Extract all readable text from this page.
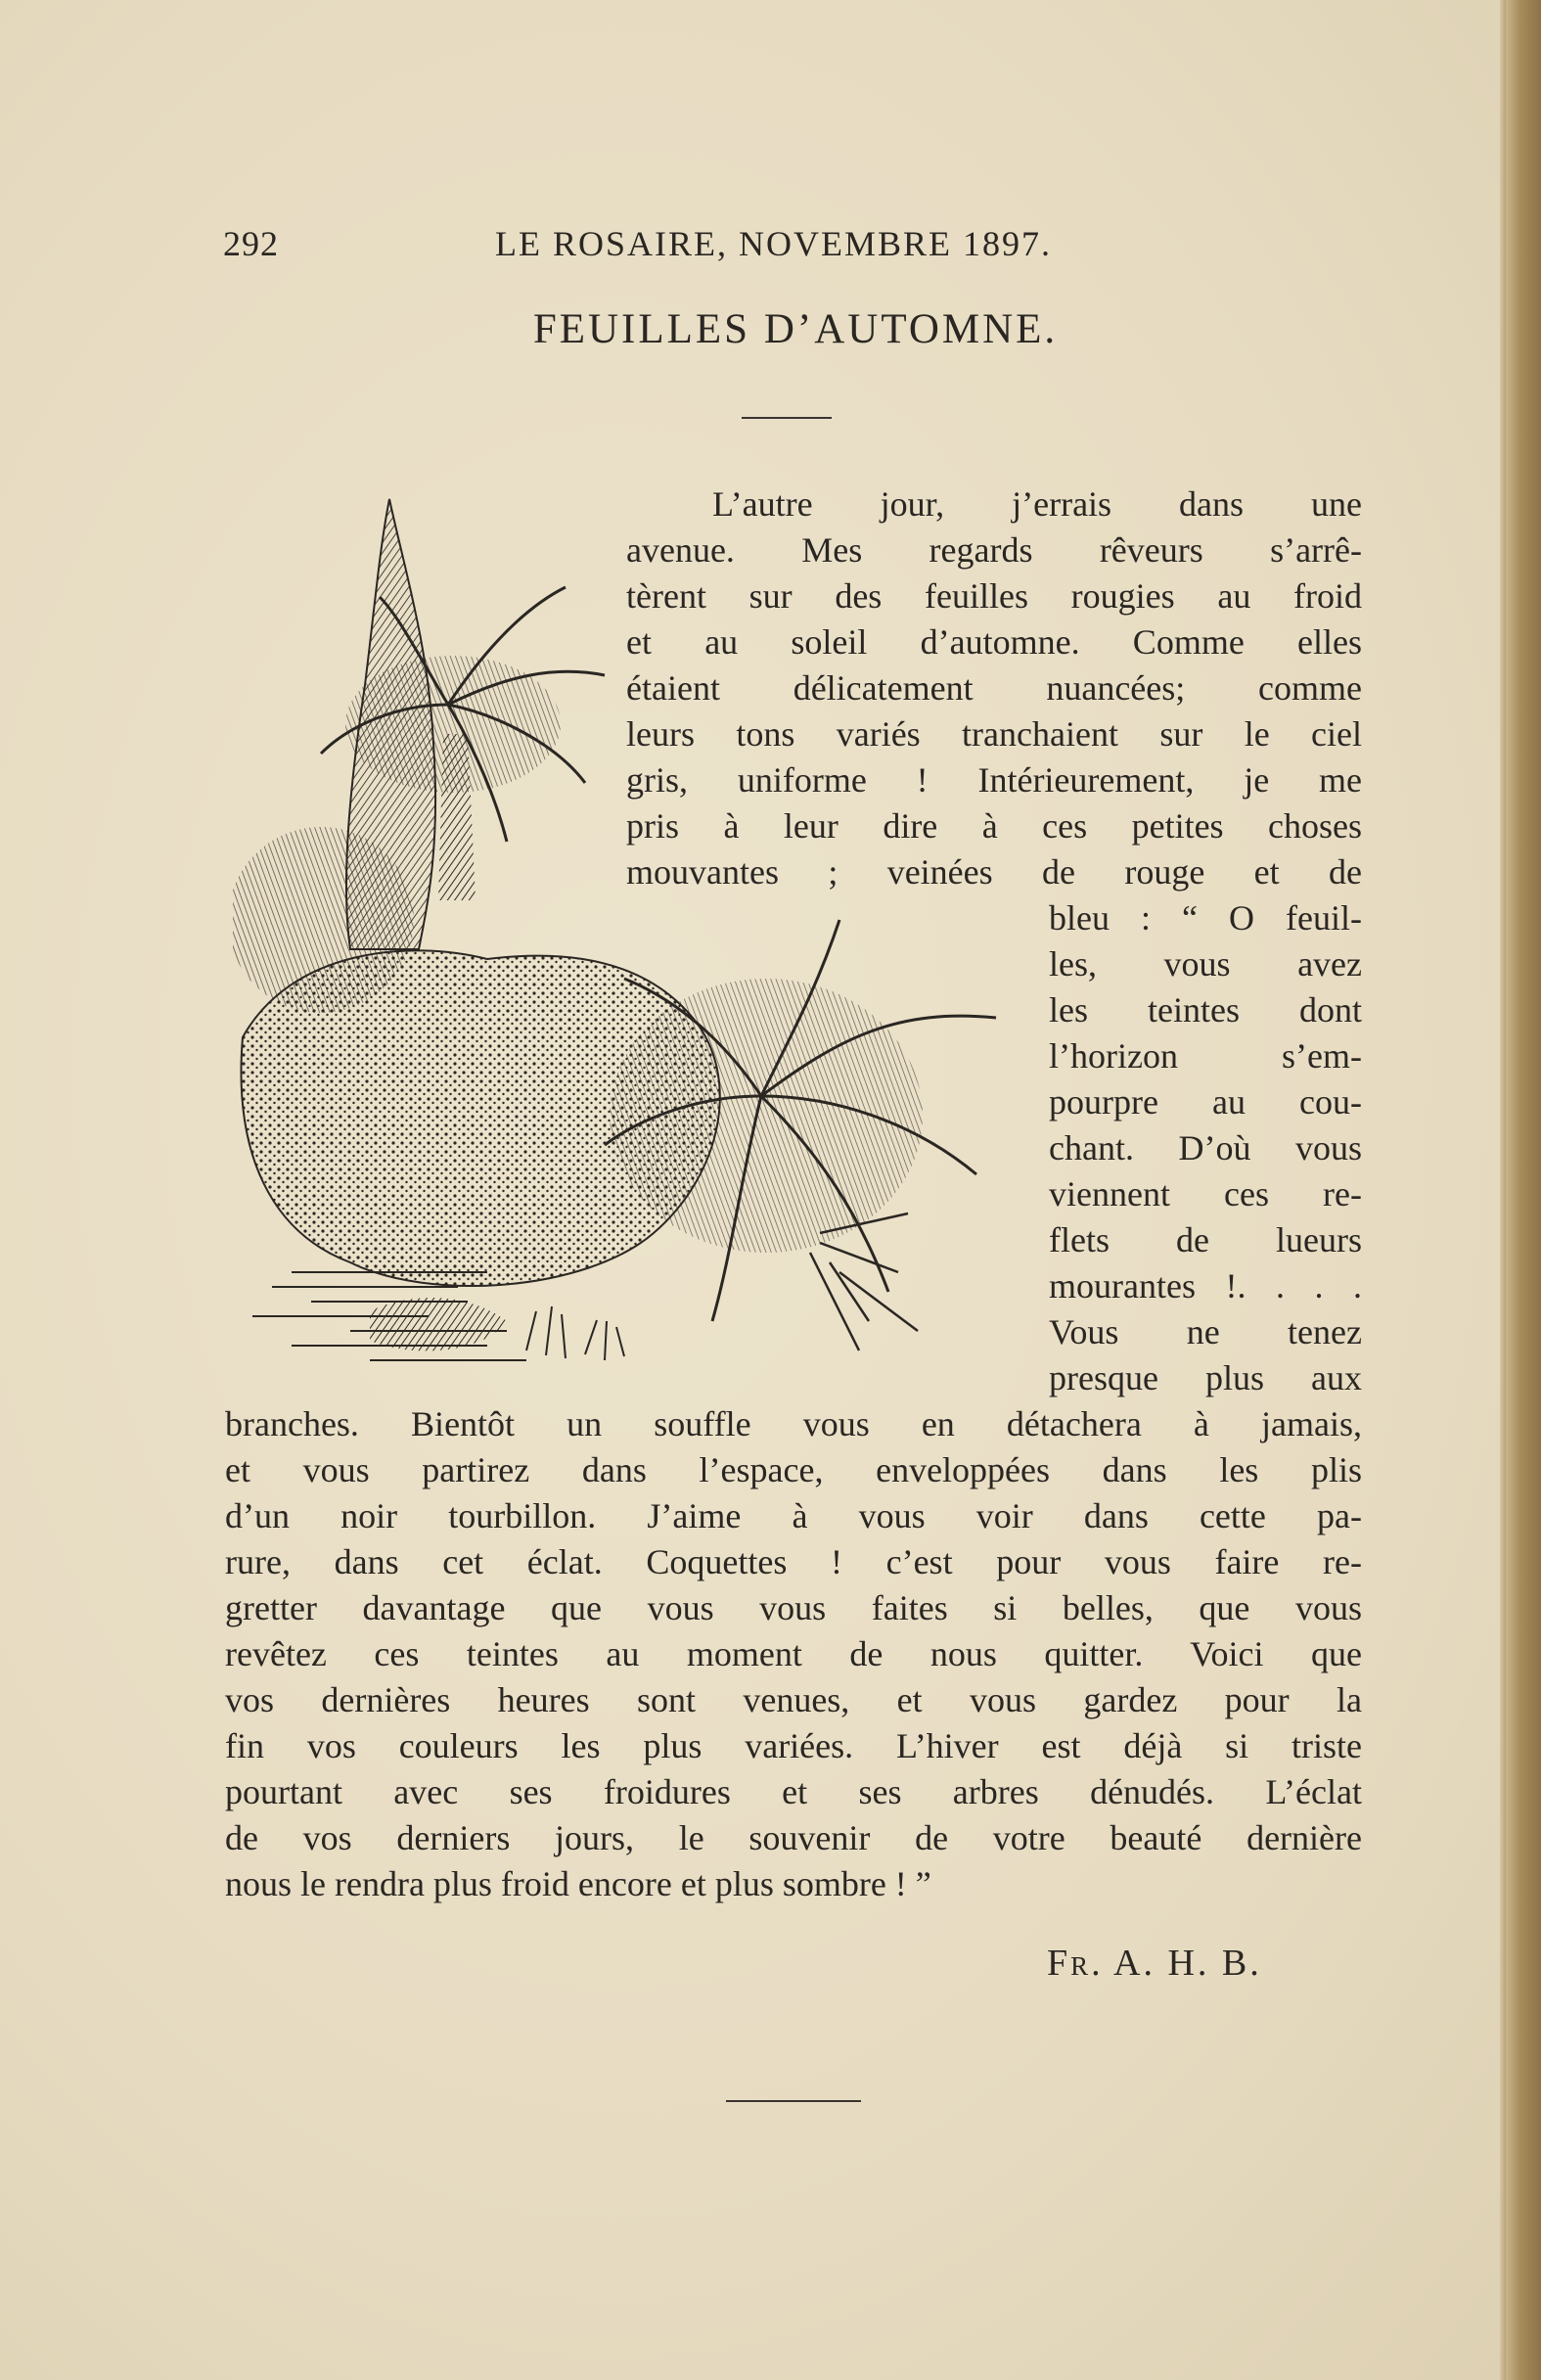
292	LE ROSAIRE, NOVEMBRE 1897.
FEUILLES D’AUTOMNE.
L’autre jour, j’errais dans une
avenue. Mes regards rêveurs s’arrê-
tèrent sur des feuilles rougies au froid
et au soleil d’automne. Comme elles
étaient délicatement nuancées; comme
leurs tons variés tranchaient sur le ciel
gris, uniforme ! Intérieurement, je me
pris à leur dire à ces petites choses
mouvantes ; veinées de rouge et de
bleu : “ O feuil-
les, vous avez
les teintes dont
l’horizon s’em-
pourpre au cou-
chant. D’où vous
viennent ces re-
flets de lueurs
mourantes !. . . .
Vous ne tenez
presque plus aux
branches. Bientôt un souffle vous en détachera à jamais,
et vous partirez dans l’espace, enveloppées dans les plis
d’un noir tourbillon. J’aime à vous voir dans cette pa-
rure, dans cet éclat. Coquettes ! c’est pour vous faire re-
gretter davantage que vous vous faites si belles, que vous
revêtez ces teintes au moment de nous quitter. Voici que
vos dernières heures sont venues, et vous gardez pour la
fin vos couleurs les plus variées. L’hiver est déjà si triste
pourtant avec ses froidures et ses arbres dénudés. L’éclat
de vos derniers jours, le souvenir de votre beauté dernière
nous le rendra plus froid encore et plus sombre ! ”
Fr. A. H. B.
